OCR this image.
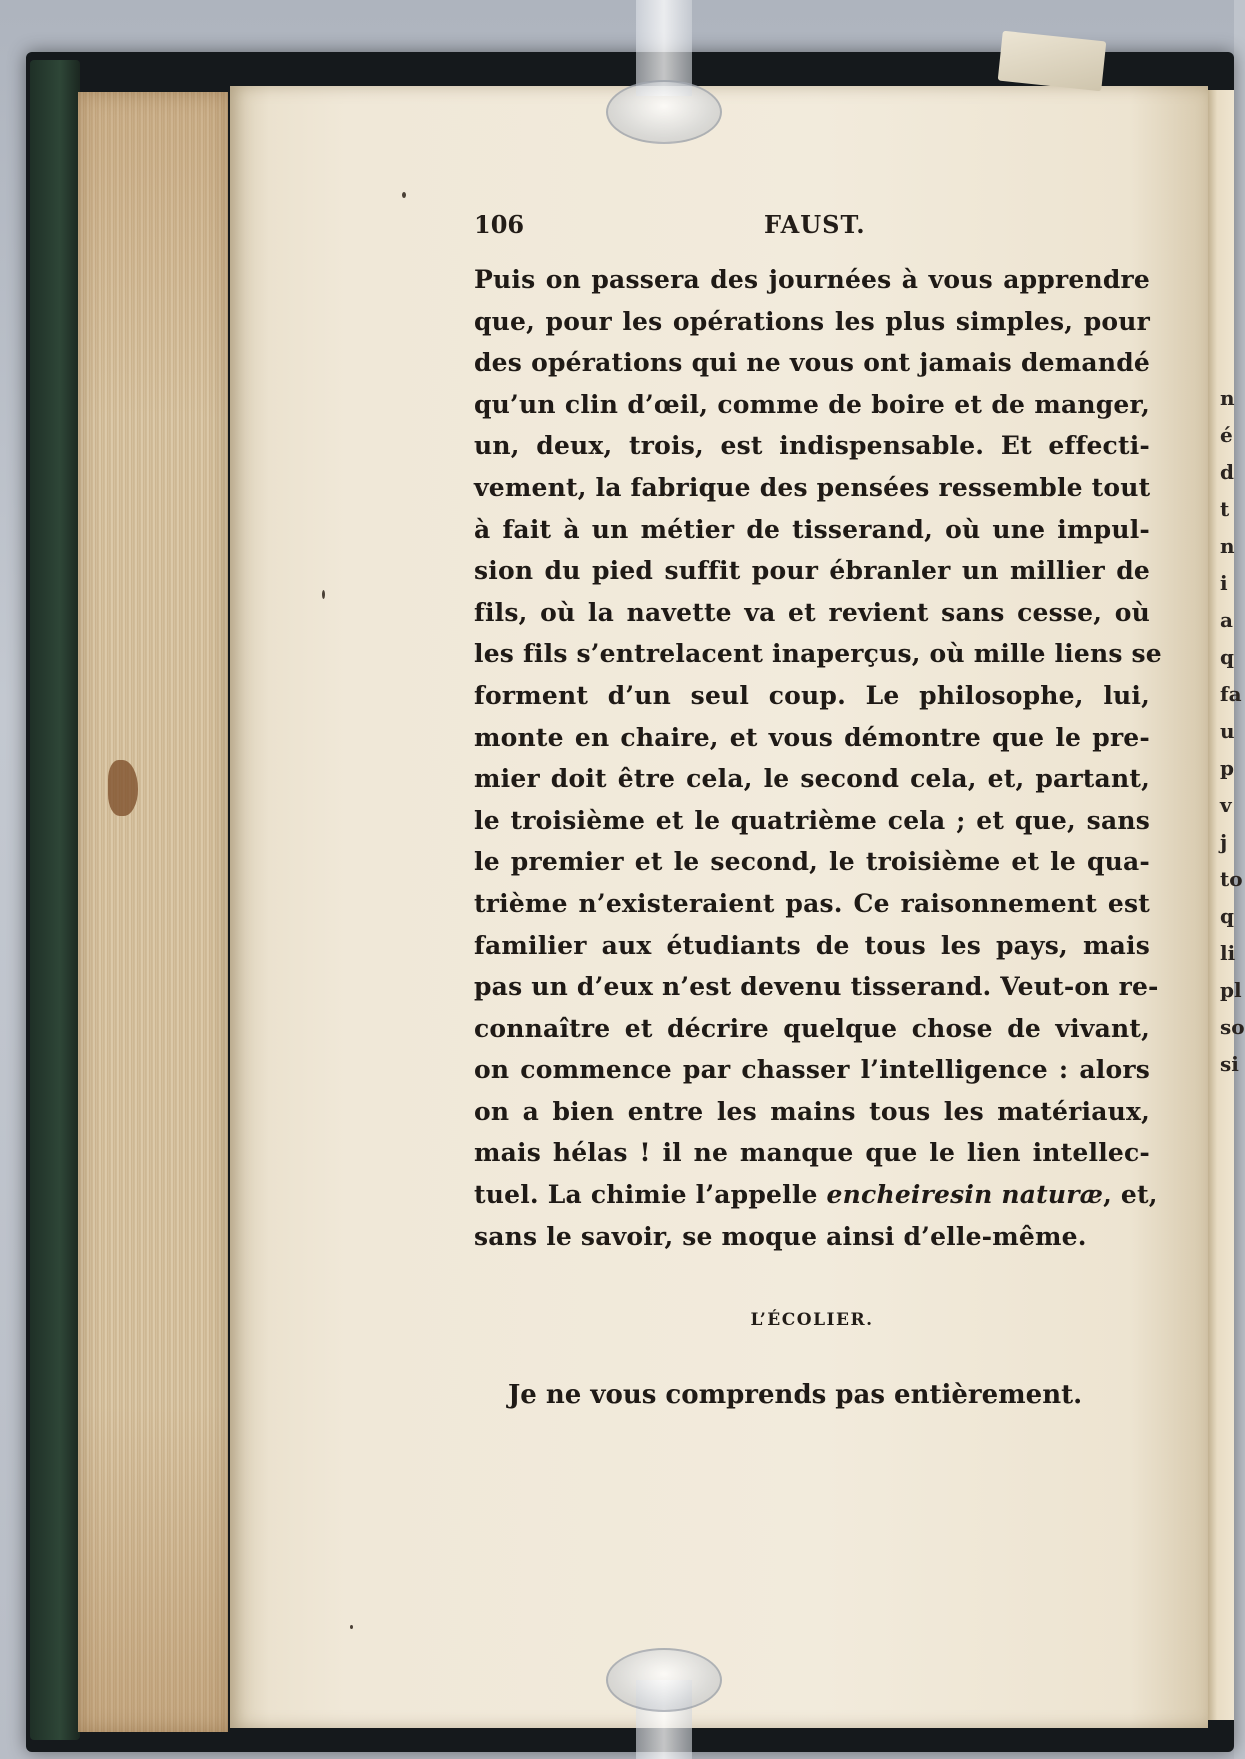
n
é
d
t
n
i
a
q
fa
u
p
v
j
to
q
li
pl
so
si
106	FAUST.
Puis on passera des journées à vous apprendre
que, pour les opérations les plus simples, pour
des opérations qui ne vous ont jamais demandé
qu’un clin d’œil, comme de boire et de manger,
un, deux, trois, est indispensable. Et effecti-
vement, la fabrique des pensées ressemble tout
à fait à un métier de tisserand, où une impul-
sion du pied suffit pour ébranler un millier de
fils, où la navette va et revient sans cesse, où
les fils s’entrelacent inaperçus, où mille liens se
forment d’un seul coup. Le philosophe, lui,
monte en chaire, et vous démontre que le pre-
mier doit être cela, le second cela, et, partant,
le troisième et le quatrième cela ; et que, sans
le premier et le second, le troisième et le qua-
trième n’existeraient pas. Ce raisonnement est
familier aux étudiants de tous les pays, mais
pas un d’eux n’est devenu tisserand. Veut-on re-
connaître et décrire quelque chose de vivant,
on commence par chasser l’intelligence : alors
on a bien entre les mains tous les matériaux,
mais hélas ! il ne manque que le lien intellec-
tuel. La chimie l’appelle encheiresin naturæ, et,
sans le savoir, se moque ainsi d’elle-même.
L’ÉCOLIER.
Je ne vous comprends pas entièrement.
